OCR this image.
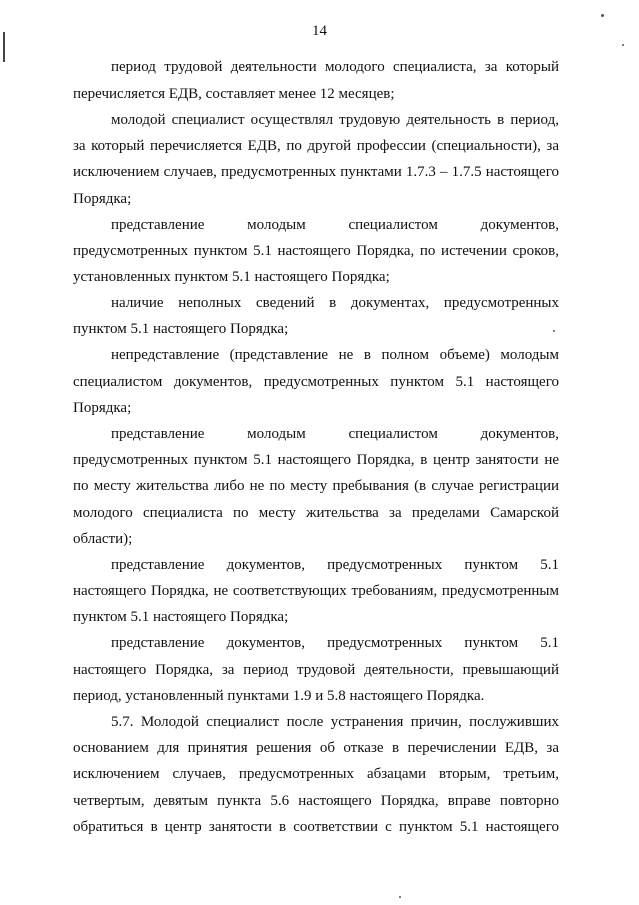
14
период трудовой деятельности молодого специалиста, за который
перечисляется ЕДВ, составляет менее 12 месяцев;
молодой специалист осуществлял трудовую деятельность в период,
за который перечисляется ЕДВ, по другой профессии (специальности), за
исключением случаев, предусмотренных пунктами 1.7.3 – 1.7.5 настоящего
Порядка;
представление молодым специалистом документов,
предусмотренных пунктом 5.1 настоящего Порядка, по истечении сроков,
установленных пунктом 5.1 настоящего Порядка;
наличие неполных сведений в документах, предусмотренных
пунктом 5.1 настоящего Порядка;
непредставление (представление не в полном объеме) молодым
специалистом документов, предусмотренных пунктом 5.1 настоящего
Порядка;
представление молодым специалистом документов,
предусмотренных пунктом 5.1 настоящего Порядка, в центр занятости не
по месту жительства либо не по месту пребывания (в случае регистрации
молодого специалиста по месту жительства за пределами Самарской
области);
представление документов, предусмотренных пунктом 5.1
настоящего Порядка, не соответствующих требованиям, предусмотренным
пунктом 5.1 настоящего Порядка;
представление документов, предусмотренных пунктом 5.1
настоящего Порядка, за период трудовой деятельности, превышающий
период, установленный пунктами 1.9 и 5.8 настоящего Порядка.
5.7. Молодой специалист после устранения причин, послуживших
основанием для принятия решения об отказе в перечислении ЕДВ, за
исключением случаев, предусмотренных абзацами вторым, третьим,
четвертым, девятым пункта 5.6 настоящего Порядка, вправе повторно
обратиться в центр занятости в соответствии с пунктом 5.1 настоящего
